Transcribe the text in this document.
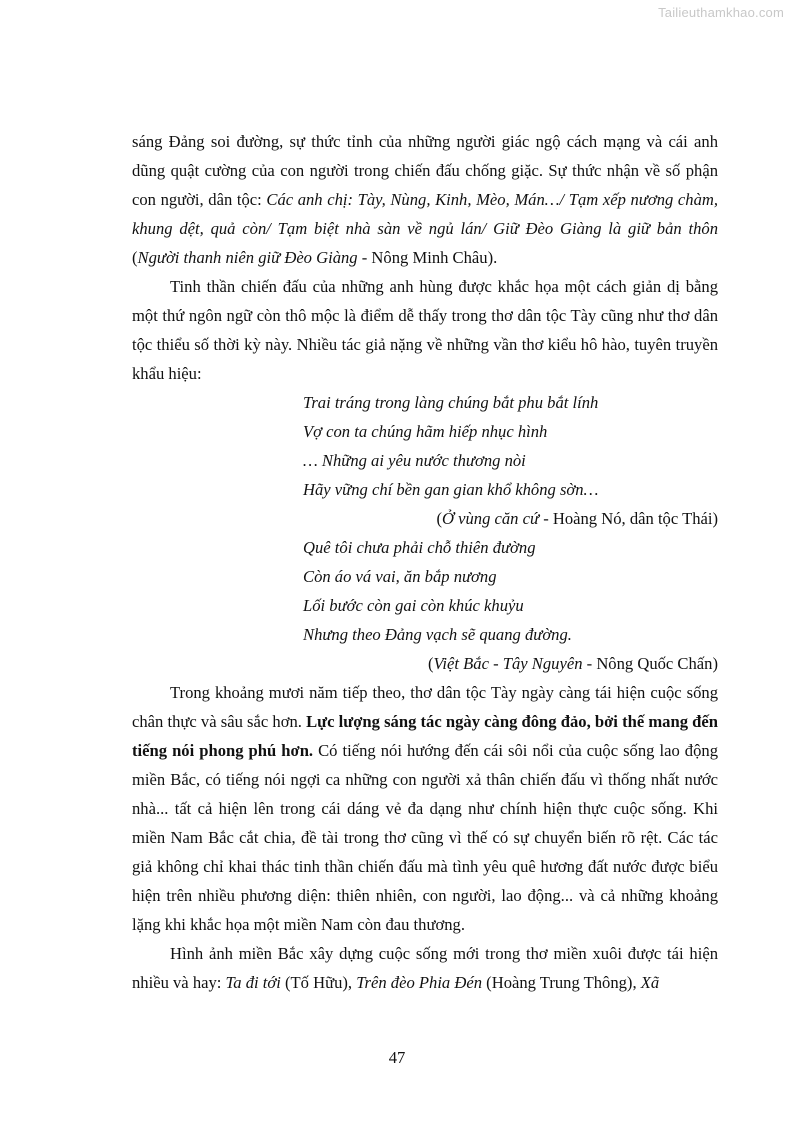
Tailieuthamkhao.com

sáng Đảng soi đường, sự thức tỉnh của những người giác ngộ cách mạng và cái anh dũng quật cường của con người trong chiến đấu chống giặc. Sự thức nhận về số phận con người, dân tộc: Các anh chị: Tày, Nùng, Kinh, Mèo, Mán…/ Tạm xếp nương chàm, khung dệt, quả còn/ Tạm biệt nhà sàn về ngủ lán/ Giữ Đèo Giàng là giữ bản thôn (Người thanh niên giữ Đèo Giàng - Nông Minh Châu).

Tinh thần chiến đấu của những anh hùng được khắc họa một cách giản dị bằng một thứ ngôn ngữ còn thô mộc là điểm dễ thấy trong thơ dân tộc Tày cũng như thơ dân tộc thiểu số thời kỳ này. Nhiều tác giả nặng về những vần thơ kiểu hô hào, tuyên truyền khẩu hiệu:

Trai tráng trong làng chúng bắt phu bắt lính
Vợ con ta chúng hãm hiếp nhục hình
… Những ai yêu nước thương nòi
Hãy vững chí bền gan gian khổ không sờn…
(Ở vùng căn cứ - Hoàng Nó, dân tộc Thái)
Quê tôi chưa phải chỗ thiên đường
Còn áo vá vai, ăn bắp nương
Lối bước còn gai còn khúc khuỷu
Nhưng theo Đảng vạch sẽ quang đường.
(Việt Bắc - Tây Nguyên - Nông Quốc Chấn)

Trong khoảng mươi năm tiếp theo, thơ dân tộc Tày ngày càng tái hiện cuộc sống chân thực và sâu sắc hơn. Lực lượng sáng tác ngày càng đông đảo, bởi thế mang đến tiếng nói phong phú hơn. Có tiếng nói hướng đến cái sôi nổi của cuộc sống lao động miền Bắc, có tiếng nói ngợi ca những con người xả thân chiến đấu vì thống nhất nước nhà... tất cả hiện lên trong cái dáng vẻ đa dạng như chính hiện thực cuộc sống. Khi miền Nam Bắc cắt chia, đề tài trong thơ cũng vì thế có sự chuyển biến rõ rệt. Các tác giả không chỉ khai thác tinh thần chiến đấu mà tình yêu quê hương đất nước được biểu hiện trên nhiều phương diện: thiên nhiên, con người, lao động... và cả những khoảng lặng khi khắc họa một miền Nam còn đau thương.

Hình ảnh miền Bắc xây dựng cuộc sống mới trong thơ miền xuôi được tái hiện nhiều và hay: Ta đi tới (Tố Hữu), Trên đèo Phia Đén (Hoàng Trung Thông), Xã

47
